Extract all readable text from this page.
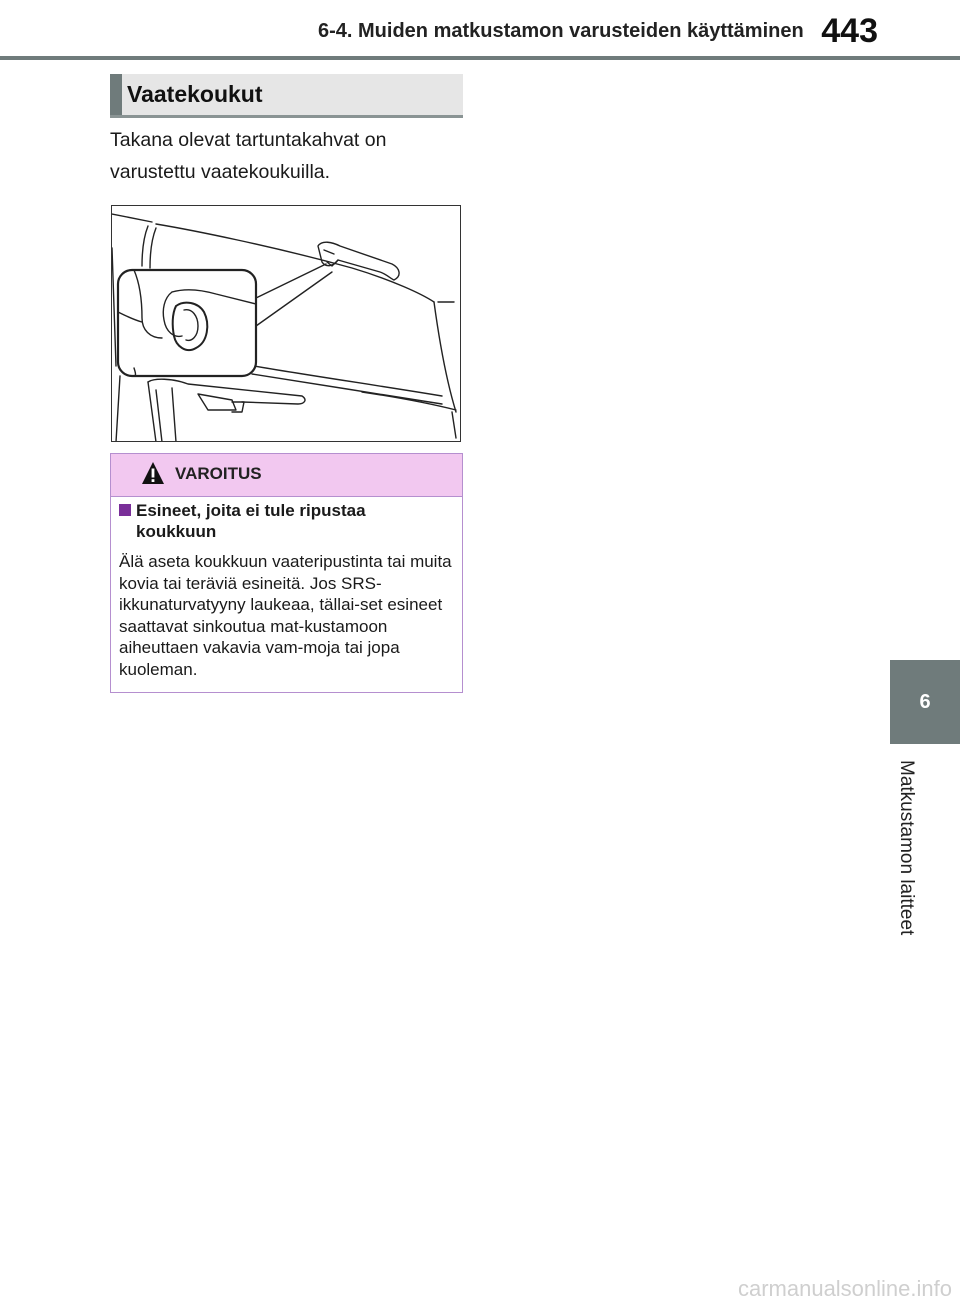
6-4. Muiden matkustamon varusteiden käyttäminen 443
6
Matkustamon laitteet
Vaatekoukut
Takana olevat tartuntakahvat on varustettu vaatekoukuilla.
VAROITUS
Esineet, joita ei tule ripustaa koukkuun
Älä aseta koukkuun vaateripustinta tai muita kovia tai teräviä esineitä. Jos SRS-ikkunaturvatyyny laukeaa, tällai-set esineet saattavat sinkoutua mat-kustamoon aiheuttaen vakavia vam-moja tai jopa kuoleman.
carmanualsonline.info
